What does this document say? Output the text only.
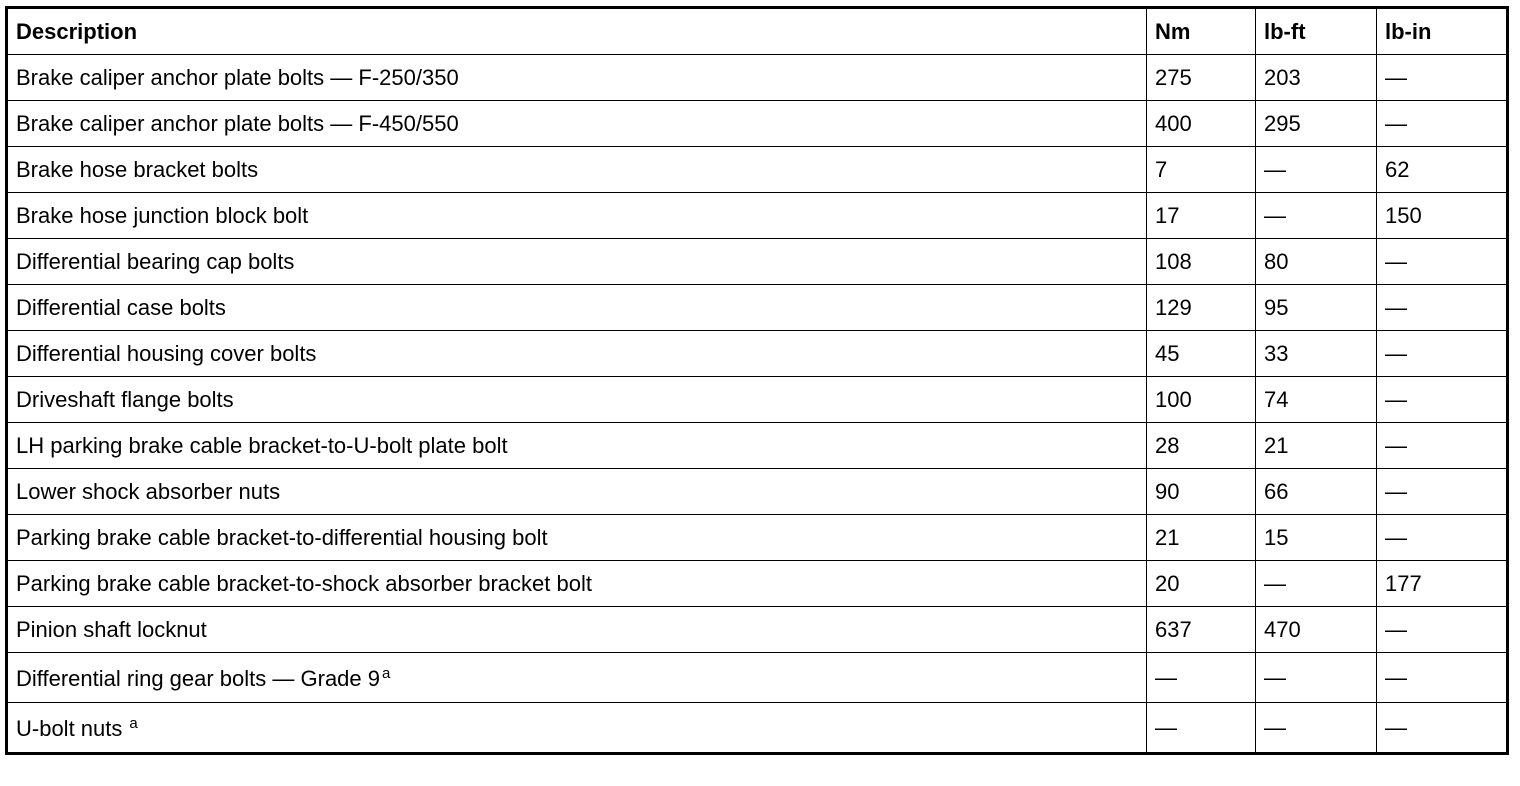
Description	Nm	lb-ft	lb-in
Brake caliper anchor plate bolts — F-250/350	275	203	—
Brake caliper anchor plate bolts — F-450/550	400	295	—
Brake hose bracket bolts	7	—	62
Brake hose junction block bolt	17	—	150
Differential bearing cap bolts	108	80	—
Differential case bolts	129	95	—
Differential housing cover bolts	45	33	—
Driveshaft flange bolts	100	74	—
LH parking brake cable bracket-to-U-bolt plate bolt	28	21	—
Lower shock absorber nuts	90	66	—
Parking brake cable bracket-to-differential housing bolt	21	15	—
Parking brake cable bracket-to-shock absorber bracket bolt	20	—	177
Pinion shaft locknut	637	470	—
Differential ring gear bolts — Grade 9 $^a$	—	—	—
U-bolt nuts $^a$	—	—	—
